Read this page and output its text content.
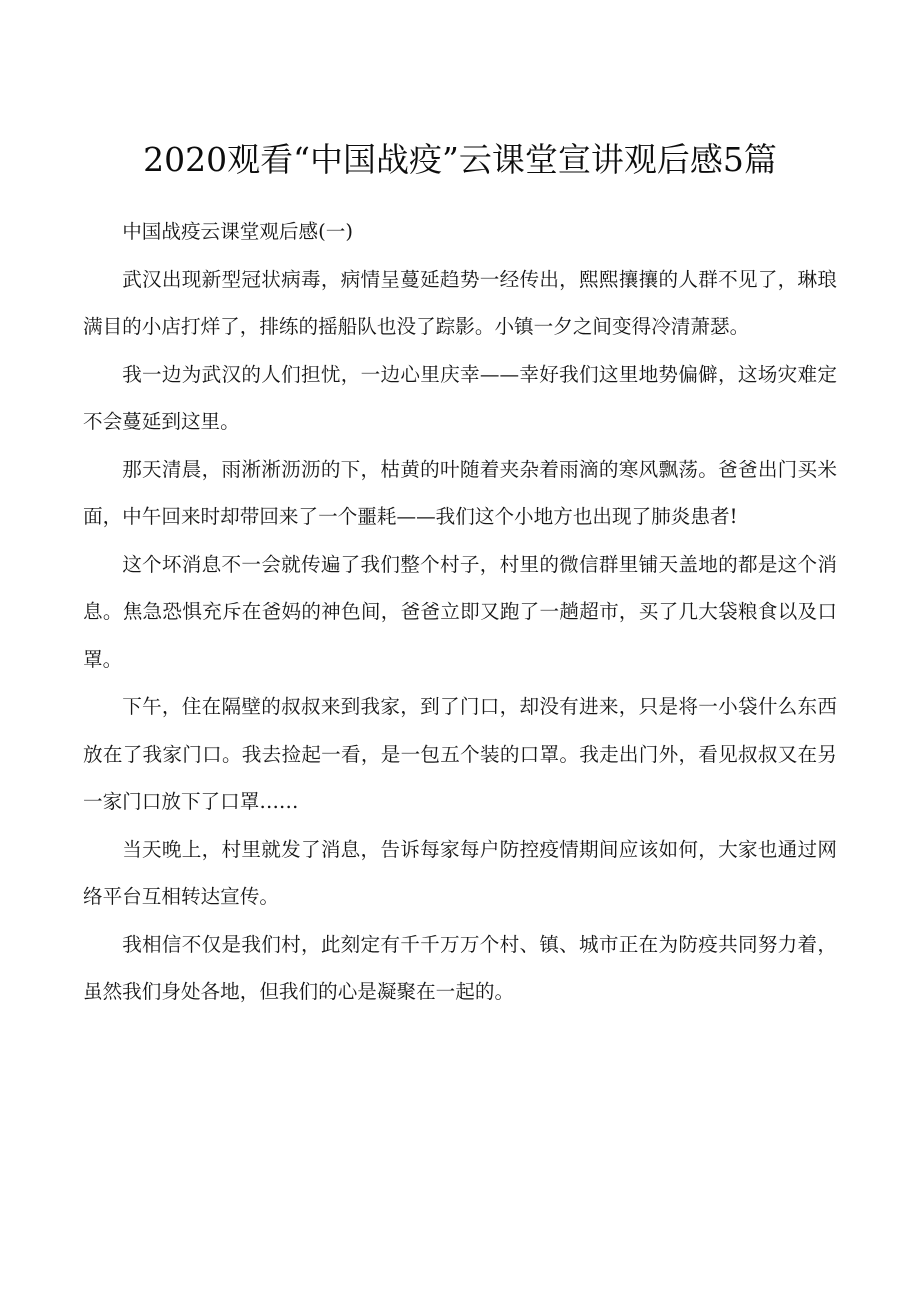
2020观看“中国战疫”云课堂宣讲观后感5篇

中国战疫云课堂观后感(一)

武汉出现新型冠状病毒，病情呈蔓延趋势一经传出，熙熙攘攘的人群不见了，琳琅满目的小店打烊了，排练的摇船队也没了踪影。小镇一夕之间变得冷清萧瑟。

我一边为武汉的人们担忧，一边心里庆幸——幸好我们这里地势偏僻，这场灾难定不会蔓延到这里。

那天清晨，雨淅淅沥沥的下，枯黄的叶随着夹杂着雨滴的寒风飘荡。爸爸出门买米面，中午回来时却带回来了一个噩耗——我们这个小地方也出现了肺炎患者!

这个坏消息不一会就传遍了我们整个村子，村里的微信群里铺天盖地的都是这个消息。焦急恐惧充斥在爸妈的神色间，爸爸立即又跑了一趟超市，买了几大袋粮食以及口罩。

下午，住在隔壁的叔叔来到我家，到了门口，却没有进来，只是将一小袋什么东西放在了我家门口。我去捡起一看，是一包五个装的口罩。我走出门外，看见叔叔又在另一家门口放下了口罩……

当天晚上，村里就发了消息，告诉每家每户防控疫情期间应该如何，大家也通过网络平台互相转达宣传。

我相信不仅是我们村，此刻定有千千万万个村、镇、城市正在为防疫共同努力着，虽然我们身处各地，但我们的心是凝聚在一起的。
